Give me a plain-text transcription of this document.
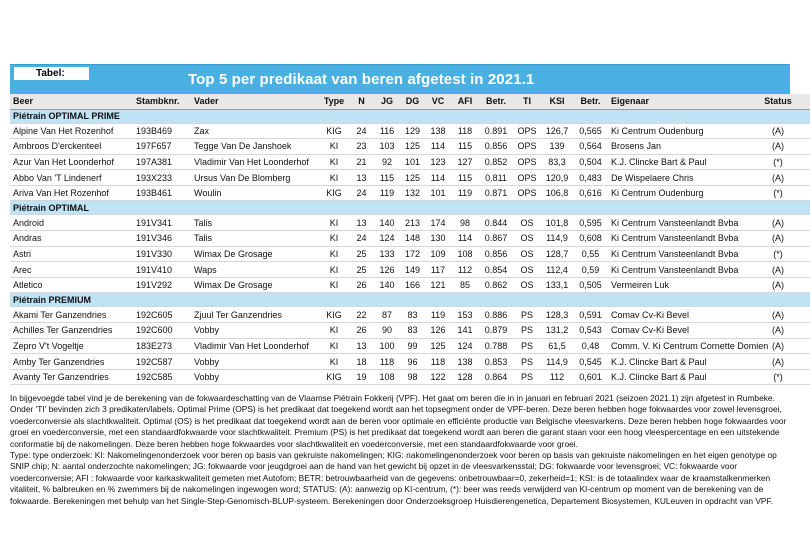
Tabel:	Top 5 per predikaat van beren afgetest in 2021.1
Beer	Stambknr.	Vader	Type	N	JG	DG	VC	AFI	Betr.	TI	KSI	Betr.	Eigenaar	Status
Piétrain OPTIMAL PRIME														
Alpine Van Het Rozenhof	193B469	Zax	KIG	24	116	129	138	118	0.891	OPS	126,7	0,565	Ki Centrum Oudenburg	(A)
Ambroos D'erckenteel	197F657	Tegge Van De Janshoek	KI	23	103	125	114	115	0.856	OPS	139	0,564	Brosens Jan	(A)
Azur Van Het Loonderhof	197A381	Vladimir Van Het Loonderhof	KI	21	92	101	123	127	0.852	OPS	83,3	0,504	K.J. Clincke Bart & Paul	(*)
Abbo Van 'T Lindenerf	193X233	Ursus Van De Blomberg	KI	13	115	125	114	115	0.811	OPS	120,9	0,483	De Wispelaere Chris	(A)
Ariva Van Het Rozenhof	193B461	Woulin	KIG	24	119	132	101	119	0.871	OPS	106,8	0,616	Ki Centrum Oudenburg	(*)
Piétrain OPTIMAL														
Android	191V341	Talis	KI	13	140	213	174	98	0.844	OS	101,8	0,595	Ki Centrum Vansteenlandt Bvba	(A)
Andras	191V346	Talis	KI	24	124	148	130	114	0.867	OS	114,9	0,608	Ki Centrum Vansteenlandt Bvba	(A)
Astri	191V330	Wimax De Grosage	KI	25	133	172	109	108	0.856	OS	128,7	0,55	Ki Centrum Vansteenlandt Bvba	(*)
Arec	191V410	Waps	KI	25	126	149	117	112	0.854	OS	112,4	0,59	Ki Centrum Vansteenlandt Bvba	(A)
Atletico	191V292	Wimax De Grosage	KI	26	140	166	121	85	0.862	OS	133,1	0,505	Vermeiren Luk	(A)
Piétrain PREMIUM														
Akami Ter Ganzendries	192C605	Zjuul Ter Ganzendries	KIG	22	87	83	119	153	0.886	PS	128,3	0,591	Comav Cv-Ki Bevel	(A)
Achilles Ter Ganzendries	192C600	Vobby	KI	26	90	83	126	141	0.879	PS	131,2	0,543	Comav Cv-Ki Bevel	(A)
Zepro V't Vogeltje	183E273	Vladimir Van Het Loonderhof	KI	13	100	99	125	124	0.788	PS	61,5	0,48	Comm. V. Ki Centrum Cornette Domien	(A)
Amby Ter Ganzendries	192C587	Vobby	KI	18	118	96	118	138	0.853	PS	114,9	0,545	K.J. Clincke Bart & Paul	(A)
Avanty Ter Ganzendries	192C585	Vobby	KIG	19	108	98	122	128	0.864	PS	112	0,601	K.J. Clincke Bart & Paul	(*)

In bijgevoegde tabel vind je de berekening van de fokwaardeschatting van de Vlaamse Piétrain Fokkerij (VPF). Het gaat om beren die in in januari en februari 2021 (seizoen 2021.1) zijn afgetest in Rumbeke. Onder 'TI' bevinden zich 3 predikaten/labels. Optimal Prime (OPS) is het predikaat dat toegekend wordt aan het topsegment onder de VPF-beren. Deze beren hebben hoge fokwaardes voor zowel levensgroei, voederconversie als slachtkwaliteit. Optimal (OS) is het predikaat dat toegekend wordt aan de beren voor optimale en efficiënte productie van Belgische vleesvarkens. Deze beren hebben hoge fokwaardes voor groei en voederconversie, met een standaardfokwaarde voor slachtkwaliteit. Premium (PS) is het predikaat dat toegekend wordt aan beren die garant staan voor een hoog vleespercentage en een uitstekende conformatie bij de nakomelingen. Deze beren hebben hoge fokwaardes voor slachtkwaliteit en voederconversie, met een standaardfokwaarde voor groei.

Type: type onderzoek: KI: Nakomelingenonderzoek voor beren op basis van gekruiste nakomelingen; KIG: nakomelingenonderzoek voor beren op basis van gekruiste nakomelingen en het eigen genotype op SNIP chip; N: aantal onderzochte nakomelingen; JG: fokwaarde voor jeugdgroei aan de hand van het gewicht bij opzet in de vleesvarkensstal; DG: fokwaarde voor levensgroei; VC: fokwaarde voor voederconversie; AFI : fokwaarde voor karkaskwaliteit gemeten met Autofom; BETR: betrouwbaarheid van de gegevens: onbetrouwbaar=0, zekerheid=1; KSI: is de totaalindex waar de kraamstalkenmerken vitaliteit, % balbreuken en % zwemmers bij de nakomelingen ingewogen word; STATUS: (A): aanwezig op KI-centrum, (*): beer was reeds verwijderd van KI-centrum op moment van de berekening van de fokwaarde. Berekeningen met behulp van het Single-Step-Genomisch-BLUP-systeem. Berekeningen door Onderzoeksgroep Huisdierengenetica, Departement Biosystemen, KULeuven in opdracht van VPF.
